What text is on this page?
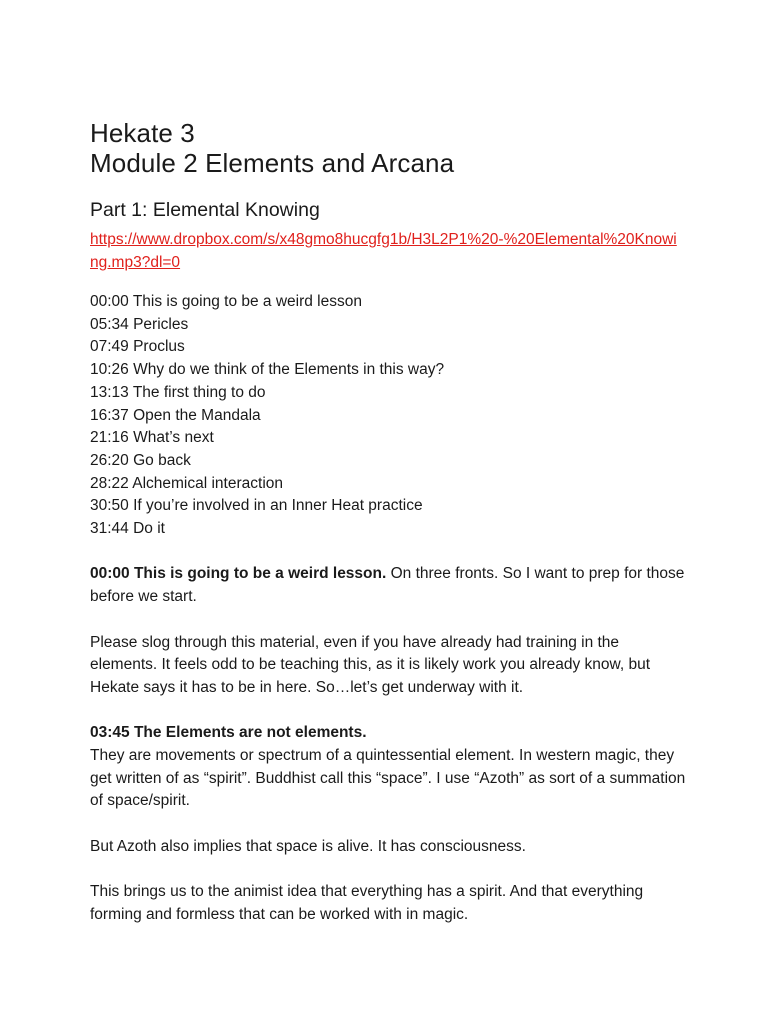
Hekate 3
Module 2 Elements and Arcana
Part 1: Elemental Knowing
https://www.dropbox.com/s/x48gmo8hucgfg1b/H3L2P1%20-%20Elemental%20Knowing.mp3?dl=0
00:00 This is going to be a weird lesson
05:34 Pericles
07:49 Proclus
10:26 Why do we think of the Elements in this way?
13:13 The first thing to do
16:37 Open the Mandala
21:16 What’s next
26:20 Go back
28:22 Alchemical interaction
30:50 If you’re involved in an Inner Heat practice
31:44 Do it

00:00 This is going to be a weird lesson. On three fronts. So I want to prep for those before we start.

Please slog through this material, even if you have already had training in the elements. It feels odd to be teaching this, as it is likely work you already know, but Hekate says it has to be in here. So…let’s get underway with it.

03:45 The Elements are not elements.
They are movements or spectrum of a quintessential element. In western magic, they get written of as “spirit”. Buddhist call this “space”. I use “Azoth” as sort of a summation of space/spirit.

But Azoth also implies that space is alive. It has consciousness.

This brings us to the animist idea that everything has a spirit. And that everything forming and formless that can be worked with in magic.
